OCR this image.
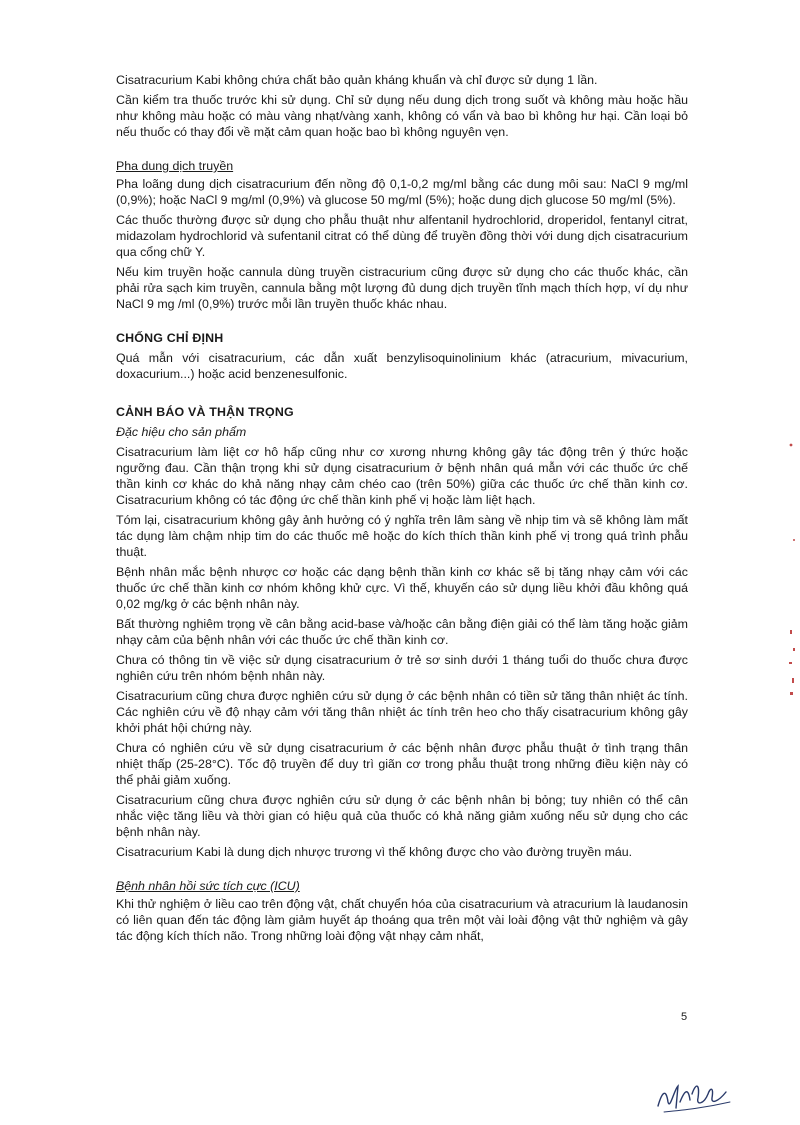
Cisatracurium Kabi không chứa chất bảo quản kháng khuẩn và chỉ được sử dụng 1 lần.

Cần kiểm tra thuốc trước khi sử dụng. Chỉ sử dụng nếu dung dịch trong suốt và không màu hoặc hầu như không màu hoặc có màu vàng nhạt/vàng xanh, không có vẩn và bao bì không hư hại. Cần loại bỏ nếu thuốc có thay đổi về mặt cảm quan hoặc bao bì không nguyên vẹn.

Pha dung dịch truyền

Pha loãng dung dịch cisatracurium đến nồng độ 0,1-0,2 mg/ml bằng các dung môi sau: NaCl 9 mg/ml (0,9%); hoặc NaCl 9 mg/ml (0,9%) và glucose 50 mg/ml (5%); hoặc dung dịch glucose 50 mg/ml (5%).

Các thuốc thường được sử dụng cho phẫu thuật như alfentanil hydrochlorid, droperidol, fentanyl citrat, midazolam hydrochlorid và sufentanil citrat có thể dùng để truyền đồng thời với dung dịch cisatracurium qua cổng chữ Y.

Nếu kim truyền hoặc cannula dùng truyền cistracurium cũng được sử dụng cho các thuốc khác, cần phải rửa sạch kim truyền, cannula bằng một lượng đủ dung dịch truyền tĩnh mạch thích hợp, ví dụ như NaCl 9 mg /ml (0,9%) trước mỗi lần truyền thuốc khác nhau.

CHỐNG CHỈ ĐỊNH

Quá mẫn với cisatracurium, các dẫn xuất benzylisoquinolinium khác (atracurium, mivacurium, doxacurium...) hoặc acid benzenesulfonic.

CẢNH BÁO VÀ THẬN TRỌNG

Đặc hiệu cho sản phẩm

Cisatracurium làm liệt cơ hô hấp cũng như cơ xương nhưng không gây tác động trên ý thức hoặc ngưỡng đau. Cần thận trọng khi sử dụng cisatracurium ở bệnh nhân quá mẫn với các thuốc ức chế thần kinh cơ khác do khả năng nhạy cảm chéo cao (trên 50%) giữa các thuốc ức chế thần kinh cơ. Cisatracurium không có tác động ức chế thần kinh phế vị hoặc làm liệt hạch.

Tóm lại, cisatracurium không gây ảnh hưởng có ý nghĩa trên lâm sàng về nhịp tim và sẽ không làm mất tác dụng làm chậm nhịp tim do các thuốc mê hoặc do kích thích thần kinh phế vị trong quá trình phẫu thuật.

Bệnh nhân mắc bệnh nhược cơ hoặc các dạng bệnh thần kinh cơ khác sẽ bị tăng nhạy cảm với các thuốc ức chế thần kinh cơ nhóm không khử cực. Vì thế, khuyến cáo sử dụng liều khởi đầu không quá 0,02 mg/kg ở các bệnh nhân này.

Bất thường nghiêm trọng về cân bằng acid-base và/hoặc cân bằng điện giải có thể làm tăng hoặc giảm nhạy cảm của bệnh nhân với các thuốc ức chế thần kinh cơ.

Chưa có thông tin về việc sử dụng cisatracurium ở trẻ sơ sinh dưới 1 tháng tuổi do thuốc chưa được nghiên cứu trên nhóm bệnh nhân này.

Cisatracurium cũng chưa được nghiên cứu sử dụng ở các bệnh nhân có tiền sử tăng thân nhiệt ác tính. Các nghiên cứu về độ nhạy cảm với tăng thân nhiệt ác tính trên heo cho thấy cisatracurium không gây khởi phát hội chứng này.

Chưa có nghiên cứu về sử dụng cisatracurium ở các bệnh nhân được phẫu thuật ở tình trạng thân nhiệt thấp (25-28°C). Tốc độ truyền để duy trì giãn cơ trong phẫu thuật trong những điều kiện này có thể phải giảm xuống.

Cisatracurium cũng chưa được nghiên cứu sử dụng ở các bệnh nhân bị bỏng; tuy nhiên có thể cân nhắc việc tăng liều và thời gian có hiệu quả của thuốc có khả năng giảm xuống nếu sử dụng cho các bệnh nhân này.

Cisatracurium Kabi là dung dịch nhược trương vì thế không được cho vào đường truyền máu.

Bệnh nhân hồi sức tích cực (ICU)

Khi thử nghiệm ở liều cao trên động vật, chất chuyển hóa của cisatracurium và atracurium là laudanosin có liên quan đến tác động làm giảm huyết áp thoáng qua trên một vài loài động vật thử nghiệm và gây tác động kích thích não. Trong những loài động vật nhạy cảm nhất,

5
